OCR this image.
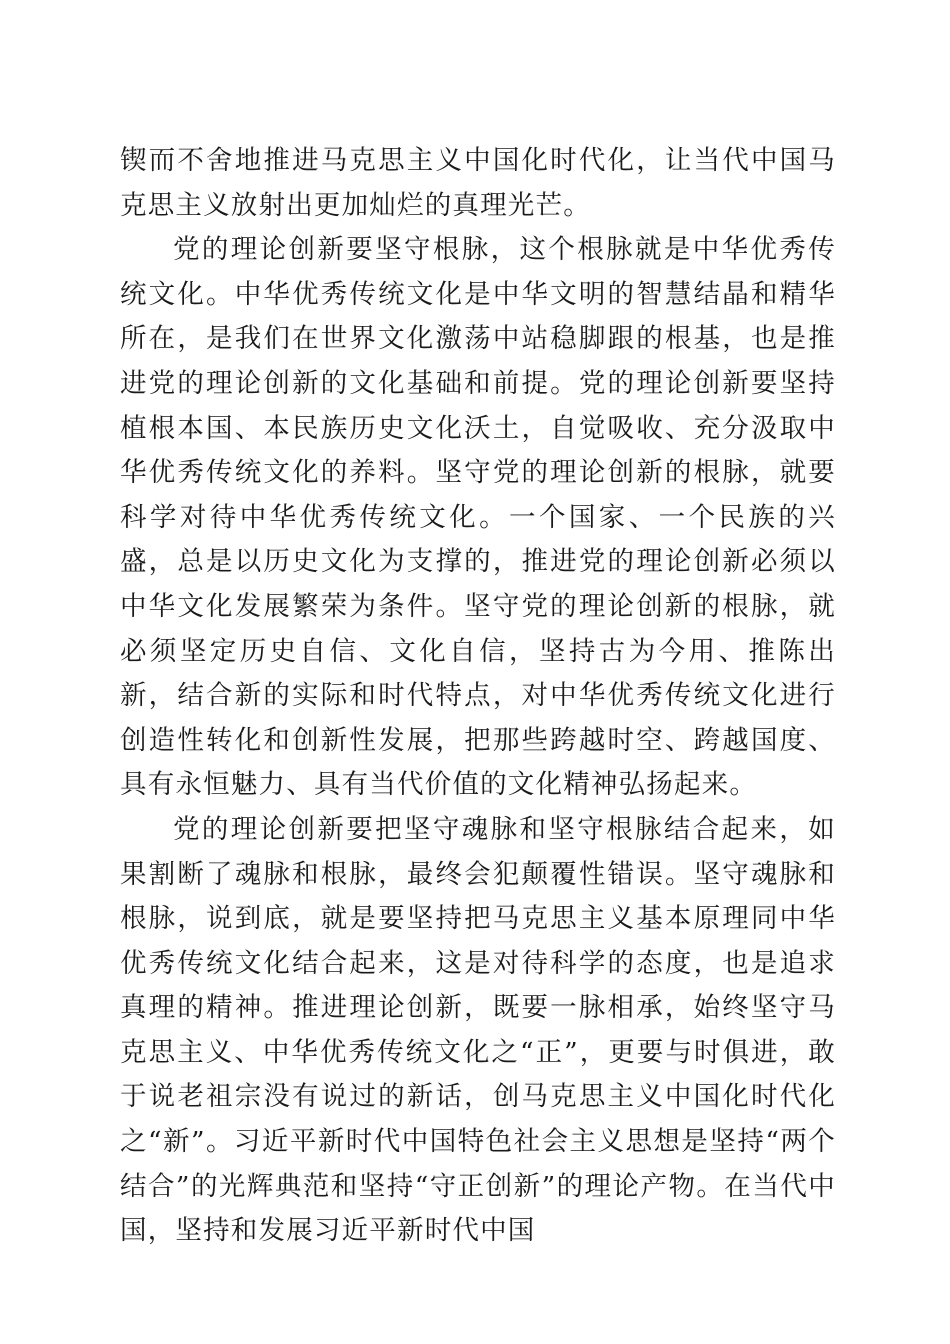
锲而不舍地推进马克思主义中国化时代化，让当代中国马克思主义放射出更加灿烂的真理光芒。

党的理论创新要坚守根脉，这个根脉就是中华优秀传统文化。中华优秀传统文化是中华文明的智慧结晶和精华所在，是我们在世界文化激荡中站稳脚跟的根基，也是推进党的理论创新的文化基础和前提。党的理论创新要坚持植根本国、本民族历史文化沃土，自觉吸收、充分汲取中华优秀传统文化的养料。坚守党的理论创新的根脉，就要科学对待中华优秀传统文化。一个国家、一个民族的兴盛，总是以历史文化为支撑的，推进党的理论创新必须以中华文化发展繁荣为条件。坚守党的理论创新的根脉，就必须坚定历史自信、文化自信，坚持古为今用、推陈出新，结合新的实际和时代特点，对中华优秀传统文化进行创造性转化和创新性发展，把那些跨越时空、跨越国度、具有永恒魅力、具有当代价值的文化精神弘扬起来。

党的理论创新要把坚守魂脉和坚守根脉结合起来，如果割断了魂脉和根脉，最终会犯颠覆性错误。坚守魂脉和根脉，说到底，就是要坚持把马克思主义基本原理同中华优秀传统文化结合起来，这是对待科学的态度，也是追求真理的精神。推进理论创新，既要一脉相承，始终坚守马克思主义、中华优秀传统文化之“正”，更要与时俱进，敢于说老祖宗没有说过的新话，创马克思主义中国化时代化之“新”。习近平新时代中国特色社会主义思想是坚持“两个结合”的光辉典范和坚持“守正创新”的理论产物。在当代中国，坚持和发展习近平新时代中国
